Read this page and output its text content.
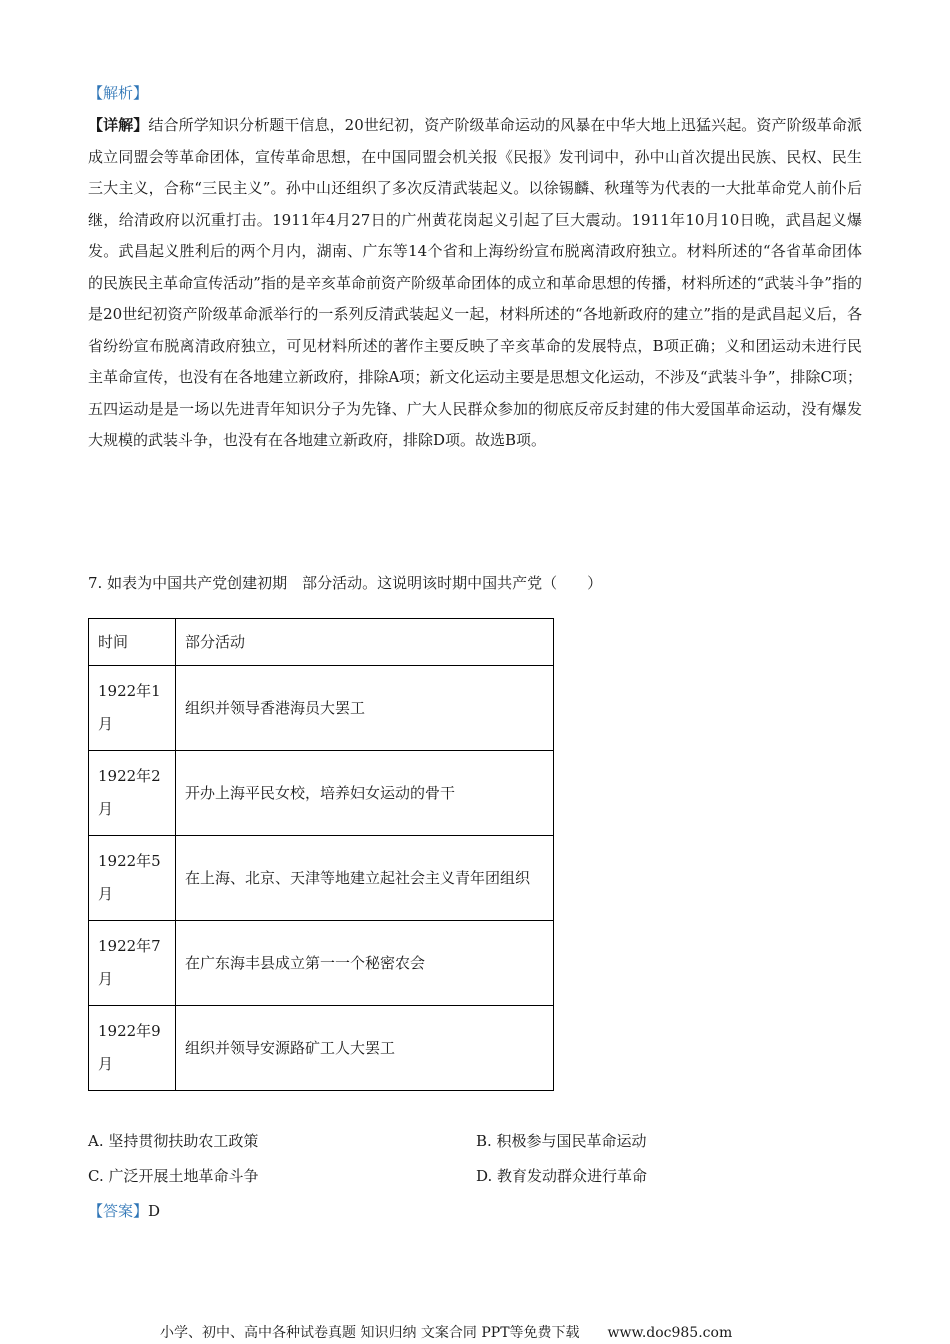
【解析】

【详解】结合所学知识分析题干信息，20世纪初，资产阶级革命运动的风暴在中华大地上迅猛兴起。资产阶级革命派成立同盟会等革命团体，宣传革命思想，在中国同盟会机关报《民报》发刊词中，孙中山首次提出民族、民权、民生三大主义，合称“三民主义”。孙中山还组织了多次反清武装起义。以徐锡麟、秋瑾等为代表的一大批革命党人前仆后继，给清政府以沉重打击。1911年4月27日的广州黄花岗起义引起了巨大震动。1911年10月10日晚，武昌起义爆发。武昌起义胜利后的两个月内，湖南、广东等14个省和上海纷纷宣布脱离清政府独立。材料所述的“各省革命团体的民族民主革命宣传活动”指的是辛亥革命前资产阶级革命团体的成立和革命思想的传播，材料所述的“武装斗争”指的是20世纪初资产阶级革命派举行的一系列反清武装起义一起，材料所述的“各地新政府的建立”指的是武昌起义后，各省纷纷宣布脱离清政府独立，可见材料所述的著作主要反映了辛亥革命的发展特点，B项正确；义和团运动未进行民主革命宣传，也没有在各地建立新政府，排除A项；新文化运动主要是思想文化运动，不涉及“武装斗争”，排除C项；五四运动是是一场以先进青年知识分子为先锋、广大人民群众参加的彻底反帝反封建的伟大爱国革命运动，没有爆发大规模的武装斗争，也没有在各地建立新政府，排除D项。故选B项。

7. 如表为中国共产党创建初期　部分活动。这说明该时期中国共产党（　　）
时间	部分活动
1922年1月	组织并领导香港海员大罢工
1922年2月	开办上海平民女校，培养妇女运动的骨干
1922年5月	在上海、北京、天津等地建立起社会主义青年团组织
1922年7月	在广东海丰县成立第一一个秘密农会
1922年9月	组织并领导安源路矿工人大罢工
A. 坚持贯彻扶助农工政策	B. 积极参与国民革命运动
C. 广泛开展土地革命斗争	D. 教育发动群众进行革命
【答案】D
小学、初中、高中各种试卷真题 知识归纳 文案合同 PPT等免费下载　　www.doc985.com
